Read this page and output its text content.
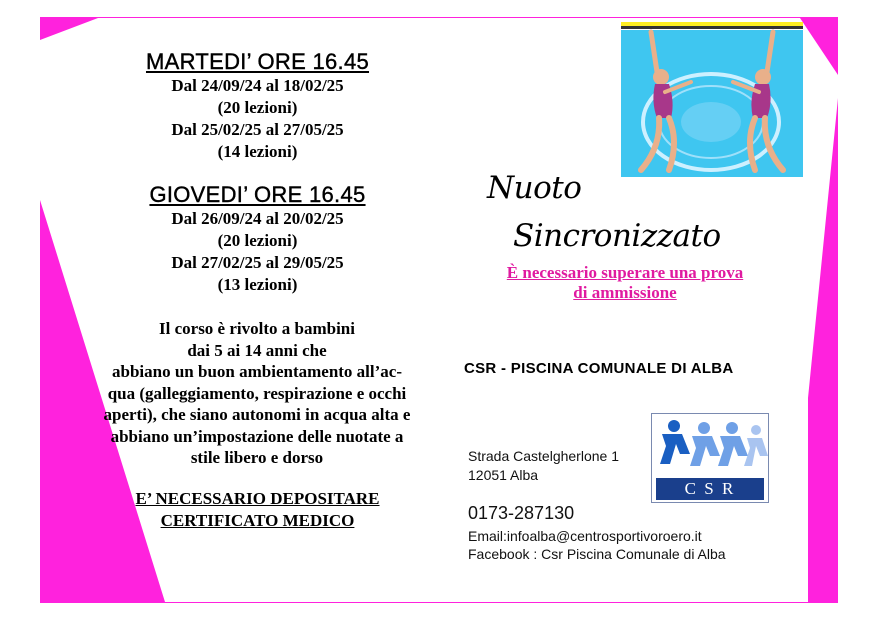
MARTEDI’ ORE 16.45
Dal 24/09/24 al 18/02/25
(20 lezioni)
Dal 25/02/25 al 27/05/25
(14 lezioni)
GIOVEDI’ ORE 16.45
Dal 26/09/24 al 20/02/25
(20 lezioni)
Dal 27/02/25 al 29/05/25
(13 lezioni)
Il corso è rivolto a bambini
dai 5 ai 14 anni che
abbiano un buon ambientamento all’ac-
qua (galleggiamento, respirazione e occhi
aperti), che siano autonomi in acqua alta e
abbiano un’impostazione delle nuotate a
stile libero e dorso
E’ NECESSARIO DEPOSITARE
CERTIFICATO MEDICO
Nuoto
Sincronizzato
È necessario superare una prova
di ammissione
CSR - PISCINA COMUNALE DI ALBA
Strada Castelgherlone 1
12051 Alba
0173-287130
Email:infoalba@centrosportivoroero.it
Facebook : Csr Piscina Comunale di Alba
C S R
